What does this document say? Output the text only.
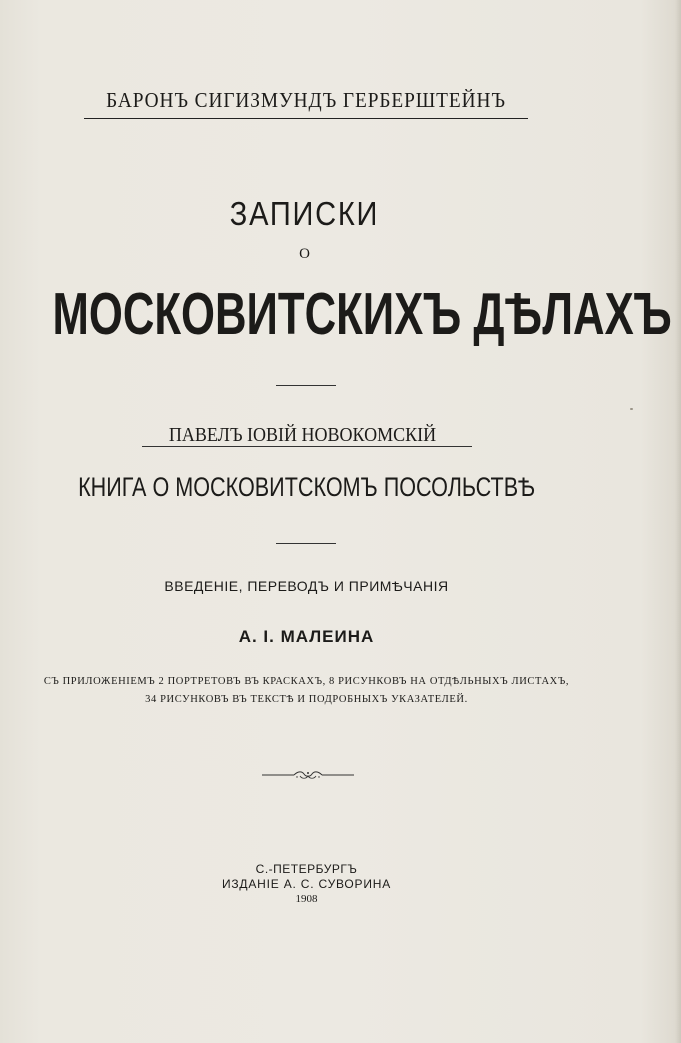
БАРОНЪ СИГИЗМУНДЪ ГЕРБЕРШТЕЙНЪ
ЗАПИСКИ
О
МОСКОВИТСКИХЪ ДѢЛАХЪ
ПАВЕЛЪ IОВIЙ НОВОКОМСКIЙ
КНИГА О МОСКОВИТСКОМЪ ПОСОЛЬСТВѢ
ВВЕДЕНIЕ, ПЕРЕВОДЪ И ПРИМѢЧАНIЯ
А. I. МАЛЕИНА
СЪ ПРИЛОЖЕНIЕМЪ 2 ПОРТРЕТОВЪ ВЪ КРАСКАХЪ, 8 РИСУНКОВЪ НА ОТДѢЛЬНЫХЪ ЛИСТАХЪ,
34 РИСУНКОВЪ ВЪ ТЕКСТѢ И ПОДРОБНЫХЪ УКАЗАТЕЛЕЙ.
С.-ПЕТЕРБУРГЪ
ИЗДАНIЕ А. С. СУВОРИНА
1908
